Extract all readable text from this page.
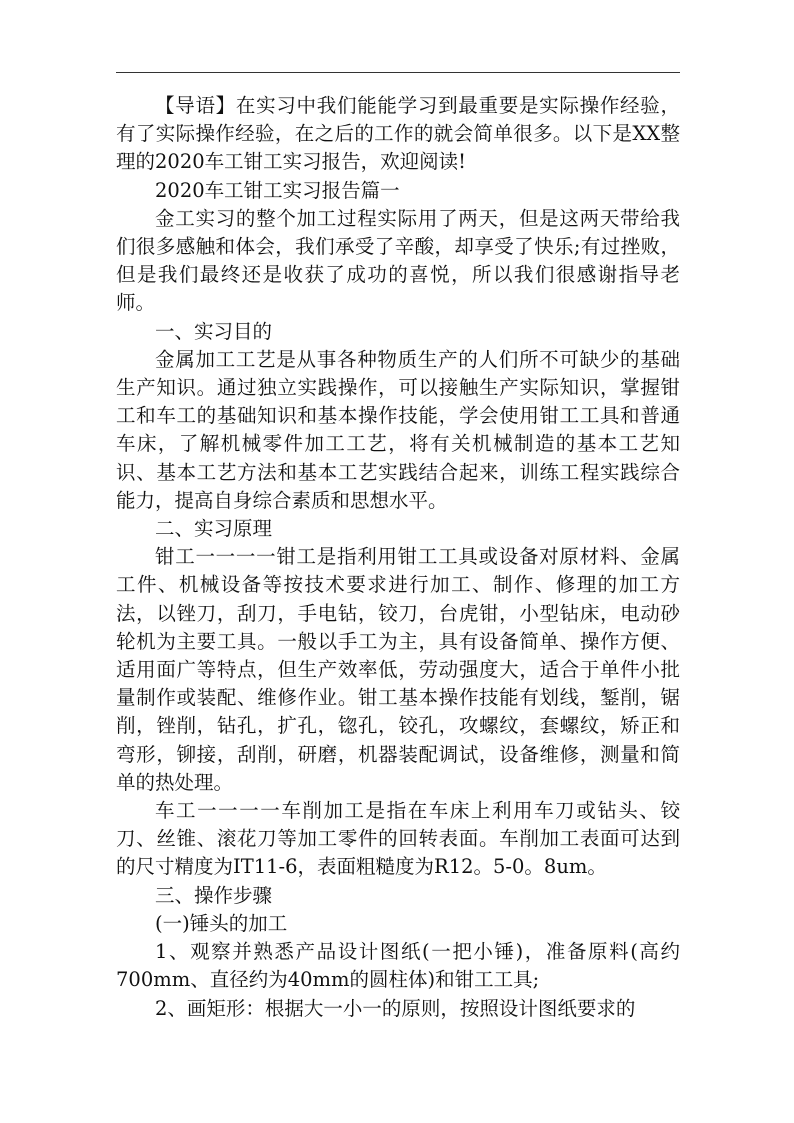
【导语】在实习中我们能能学习到最重要是实际操作经验，有了实际操作经验，在之后的工作的就会简单很多。以下是XX整理的2020车工钳工实习报告，欢迎阅读!

2020车工钳工实习报告篇一

金工实习的整个加工过程实际用了两天，但是这两天带给我们很多感触和体会，我们承受了辛酸，却享受了快乐;有过挫败，但是我们最终还是收获了成功的喜悦，所以我们很感谢指导老师。

一、实习目的

金属加工工艺是从事各种物质生产的人们所不可缺少的基础生产知识。通过独立实践操作，可以接触生产实际知识，掌握钳工和车工的基础知识和基本操作技能，学会使用钳工工具和普通车床，了解机械零件加工工艺，将有关机械制造的基本工艺知识、基本工艺方法和基本工艺实践结合起来，训练工程实践综合能力，提高自身综合素质和思想水平。

二、实习原理

钳工一一一一钳工是指利用钳工工具或设备对原材料、金属工件、机械设备等按技术要求进行加工、制作、修理的加工方法，以锉刀，刮刀，手电钻，铰刀，台虎钳，小型钻床，电动砂轮机为主要工具。一般以手工为主，具有设备简单、操作方便、适用面广等特点，但生产效率低，劳动强度大，适合于单件小批量制作或装配、维修作业。钳工基本操作技能有划线，錾削，锯削，锉削，钻孔，扩孔，锪孔，铰孔，攻螺纹，套螺纹，矫正和弯形，铆接，刮削，研磨，机器装配调试，设备维修，测量和简单的热处理。

车工一一一一车削加工是指在车床上利用车刀或钻头、铰刀、丝锥、滚花刀等加工零件的回转表面。车削加工表面可达到的尺寸精度为IT11-6，表面粗糙度为R12。5-0。8um。

三、操作步骤

(一)锤头的加工

1、观察并熟悉产品设计图纸(一把小锤)，准备原料(高约700mm、直径约为40mm的圆柱体)和钳工工具;

2、画矩形：根据大一小一的原则，按照设计图纸要求的
